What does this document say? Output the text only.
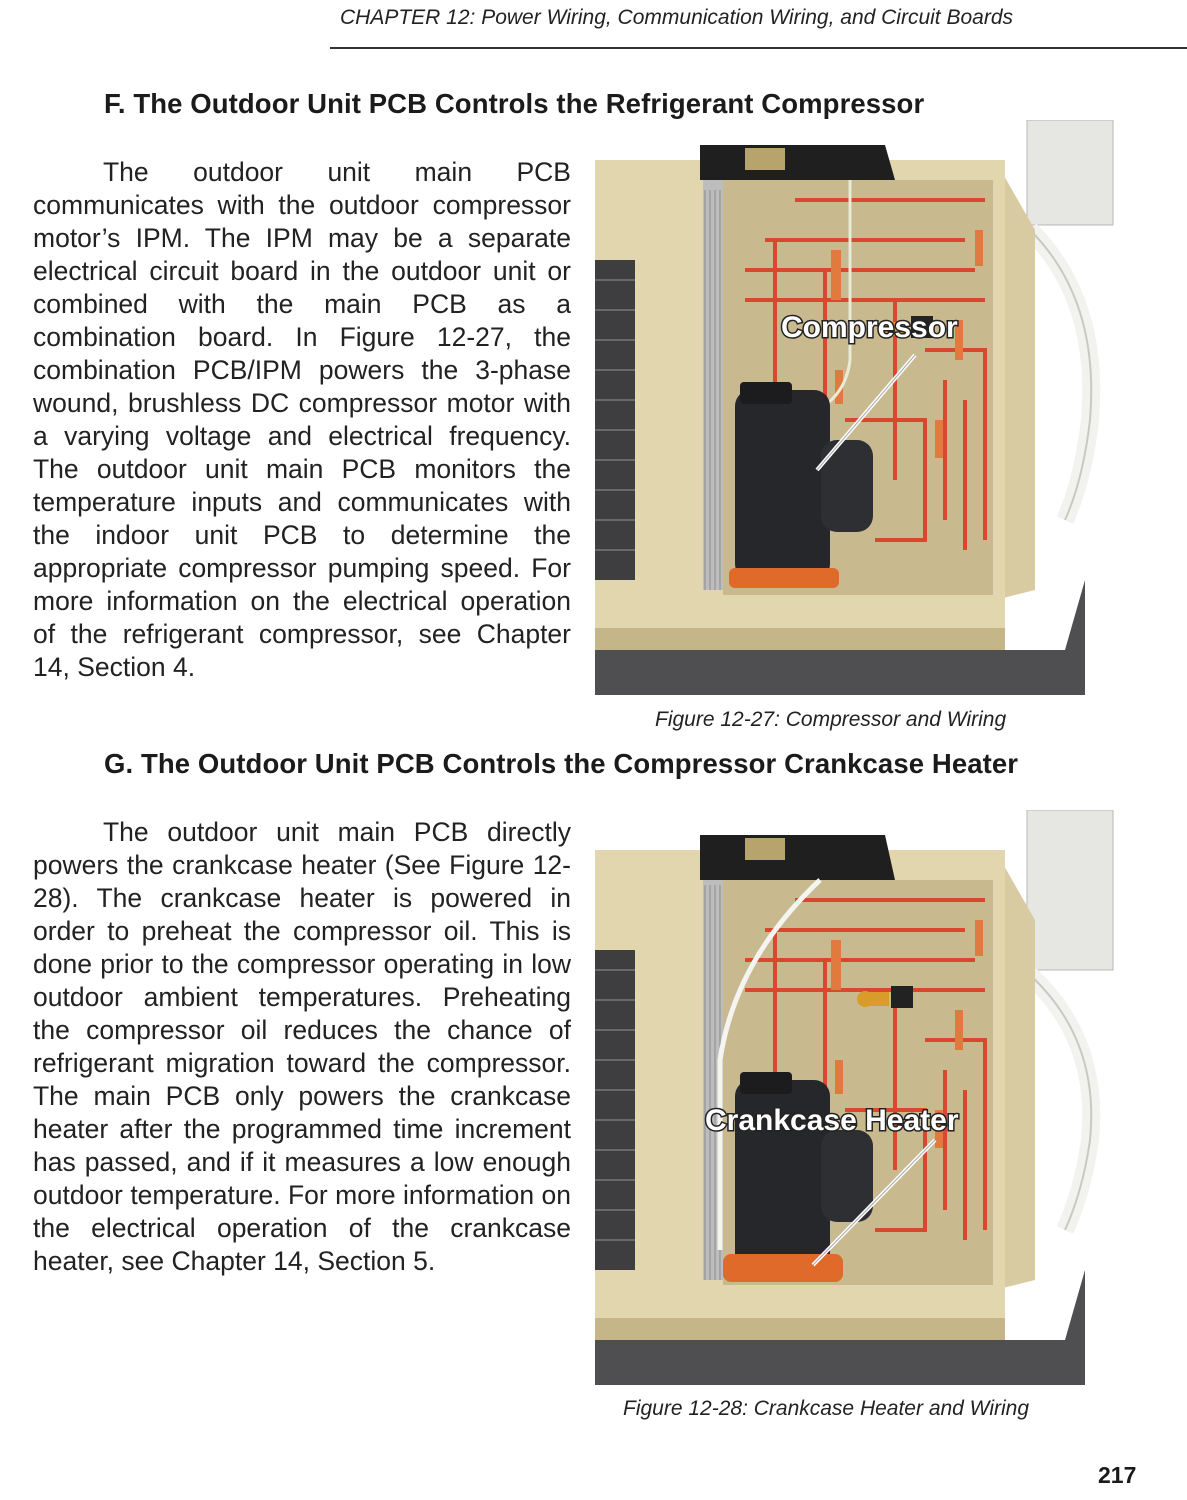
CHAPTER 12: Power Wiring, Communication Wiring, and Circuit Boards
F. The Outdoor Unit PCB Controls the Refrigerant Compressor
The outdoor unit main PCB communicates with the outdoor compressor motor’s IPM. The IPM may be a separate electrical circuit board in the outdoor unit or combined with the main PCB as a combination board. In Figure 12-27, the combination PCB/IPM powers the 3-phase wound, brushless DC compressor motor with a varying voltage and electrical frequency. The outdoor unit main PCB monitors the temperature inputs and communicates with the indoor unit PCB to determine the appropriate compressor pumping speed. For more information on the electrical operation of the refrigerant compressor, see Chapter 14, Section 4.
Compressor
Figure 12-27: Compressor and Wiring
G. The Outdoor Unit PCB Controls the Compressor Crankcase Heater
The outdoor unit main PCB directly powers the crankcase heater (See Figure 12-28). The crankcase heater is powered in order to preheat the compressor oil. This is done prior to the compressor operating in low outdoor ambient temperatures. Preheating the compressor oil reduces the chance of refrigerant migration toward the compressor. The main PCB only powers the crankcase heater after the programmed time increment has passed, and if it measures a low enough outdoor temperature. For more information on the electrical operation of the crankcase heater, see Chapter 14, Section 5.
Crankcase Heater
Figure 12-28: Crankcase Heater and Wiring
217
